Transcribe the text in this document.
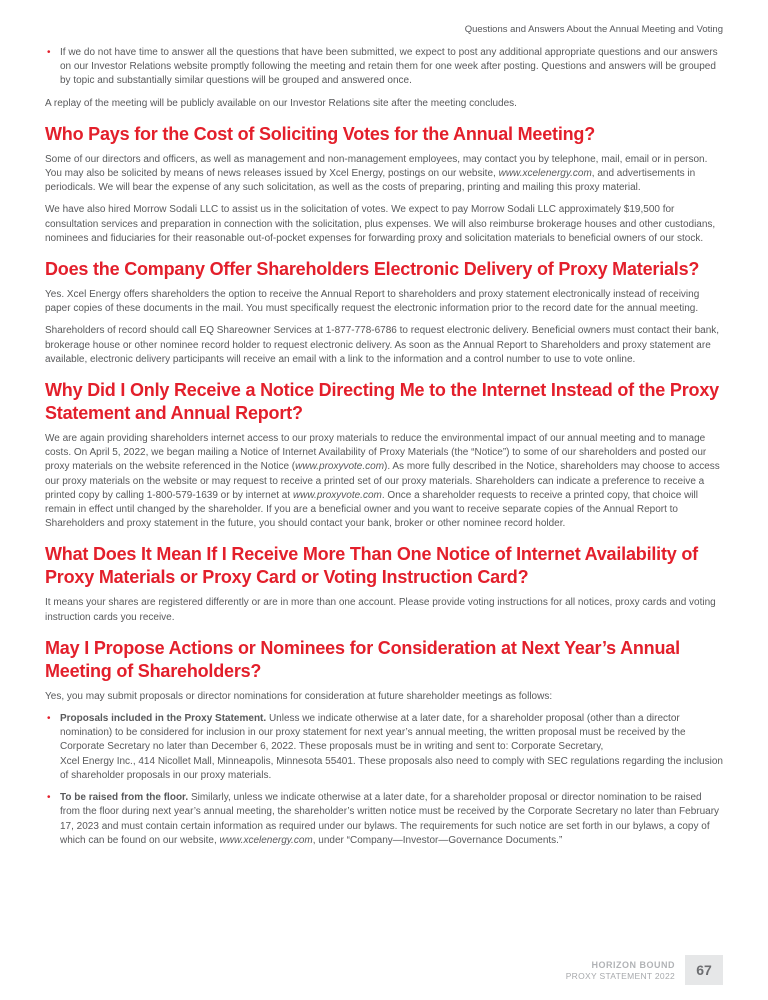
Questions and Answers About the Annual Meeting and Voting
• If we do not have time to answer all the questions that have been submitted, we expect to post any additional appropriate questions and our answers on our Investor Relations website promptly following the meeting and retain them for one week after posting. Questions and answers will be grouped by topic and substantially similar questions will be grouped and answered once.

A replay of the meeting will be publicly available on our Investor Relations site after the meeting concludes.

Who Pays for the Cost of Soliciting Votes for the Annual Meeting?

Some of our directors and officers, as well as management and non-management employees, may contact you by telephone, mail, email or in person. You may also be solicited by means of news releases issued by Xcel Energy, postings on our website, www.xcelenergy.com, and advertisements in periodicals. We will bear the expense of any such solicitation, as well as the costs of preparing, printing and mailing this proxy material.

We have also hired Morrow Sodali LLC to assist us in the solicitation of votes. We expect to pay Morrow Sodali LLC approximately $19,500 for consultation services and preparation in connection with the solicitation, plus expenses. We will also reimburse brokerage houses and other custodians, nominees and fiduciaries for their reasonable out-of-pocket expenses for forwarding proxy and solicitation materials to beneficial owners of our stock.

Does the Company Offer Shareholders Electronic Delivery of Proxy Materials?

Yes. Xcel Energy offers shareholders the option to receive the Annual Report to shareholders and proxy statement electronically instead of receiving paper copies of these documents in the mail. You must specifically request the electronic information prior to the record date for the annual meeting.

Shareholders of record should call EQ Shareowner Services at 1-877-778-6786 to request electronic delivery. Beneficial owners must contact their bank, brokerage house or other nominee record holder to request electronic delivery. As soon as the Annual Report to Shareholders and proxy statement are available, electronic delivery participants will receive an email with a link to the information and a control number to use to vote online.

Why Did I Only Receive a Notice Directing Me to the Internet Instead of the Proxy Statement and Annual Report?

We are again providing shareholders internet access to our proxy materials to reduce the environmental impact of our annual meeting and to manage costs. On April 5, 2022, we began mailing a Notice of Internet Availability of Proxy Materials (the “Notice”) to some of our shareholders and posted our proxy materials on the website referenced in the Notice (www.proxyvote.com). As more fully described in the Notice, shareholders may choose to access our proxy materials on the website or may request to receive a printed set of our proxy materials. Shareholders can indicate a preference to receive a printed copy by calling 1-800-579-1639 or by internet at www.proxyvote.com. Once a shareholder requests to receive a printed copy, that choice will remain in effect until changed by the shareholder. If you are a beneficial owner and you want to receive separate copies of the Annual Report to Shareholders and proxy statement in the future, you should contact your bank, broker or other nominee record holder.

What Does It Mean If I Receive More Than One Notice of Internet Availability of Proxy Materials or Proxy Card or Voting Instruction Card?

It means your shares are registered differently or are in more than one account. Please provide voting instructions for all notices, proxy cards and voting instruction cards you receive.

May I Propose Actions or Nominees for Consideration at Next Year’s Annual Meeting of Shareholders?

Yes, you may submit proposals or director nominations for consideration at future shareholder meetings as follows:

• Proposals included in the Proxy Statement. Unless we indicate otherwise at a later date, for a shareholder proposal (other than a director nomination) to be considered for inclusion in our proxy statement for next year’s annual meeting, the written proposal must be received by the Corporate Secretary no later than December 6, 2022. These proposals must be in writing and sent to: Corporate Secretary,
Xcel Energy Inc., 414 Nicollet Mall, Minneapolis, Minnesota 55401. These proposals also need to comply with SEC regulations regarding the inclusion of shareholder proposals in our proxy materials.
• To be raised from the floor. Similarly, unless we indicate otherwise at a later date, for a shareholder proposal or director nomination to be raised from the floor during next year’s annual meeting, the shareholder’s written notice must be received by the Corporate Secretary no later than February 17, 2023 and must contain certain information as required under our bylaws. The requirements for such notice are set forth in our bylaws, a copy of which can be found on our website, www.xcelenergy.com, under “Company—Investor—Governance Documents.”
HORIZON BOUND
PROXY STATEMENT 2022	67
